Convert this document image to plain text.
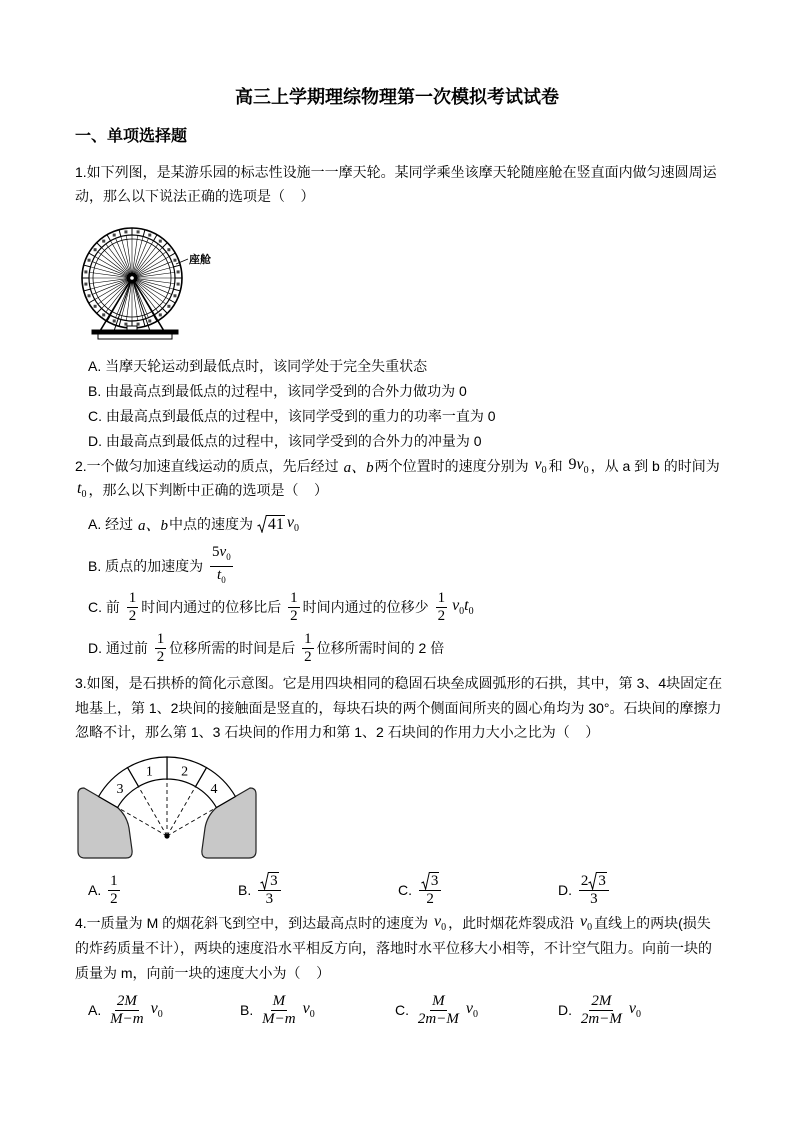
高三上学期理综物理第一次模拟考试试卷
一、单项选择题
1.如下列图，是某游乐园的标志性设施一一摩天轮。某同学乘坐该摩天轮随座舱在竖直面内做匀速圆周运
动，那么以下说法正确的选项是（    ）
座舱
A. 当摩天轮运动到最低点时，该同学处于完全失重状态
B. 由最高点到最低点的过程中，该同学受到的合外力做功为 0
C. 由最高点到最低点的过程中，该同学受到的重力的功率一直为 0
D. 由最高点到最低点的过程中，该同学受到的合外力的冲量为 0
2.一个做匀加速直线运动的质点，先后经过 a、b 两个位置时的速度分别为 $v_0$ 和 $9v_0$ ，从 a 到 b 的时间为
$t_0$ ，那么以下判断中正确的选项是（    ）
A. 经过 a、b 中点的速度为 41 $v_0$
B. 质点的加速度为 $\frac{5v_0}{t_0}$
C. 前 $\frac{1}{2}$ 时间内通过的位移比后 $\frac{1}{2}$ 时间内通过的位移少 $\frac{1}{2} v_0t_0$
D. 通过前 $\frac{1}{2}$ 位移所需的时间是后 $\frac{1}{2}$ 位移所需时间的 2 倍
3.如图，是石拱桥的简化示意图。它是用四块相同的稳固石块垒成圆弧形的石拱，其中，第 3、4块固定在
地基上，第 1、2块间的接触面是竖直的，每块石块的两个侧面间所夹的圆心角均为 30°。石块间的摩擦力
忽略不计，那么第 1、3 石块间的作用力和第 1、2 石块间的作用力大小之比为（    ）
1 2
3	4
A. $\frac{1}{2}$	B. $\frac{3}{3}$	C. $\frac{3}{2}$	D. $\frac{2 3}{3}$
4.一质量为 M 的烟花斜飞到空中，到达最高点时的速度为 $v_0$ ，此时烟花炸裂成沿 $v_0$ 直线上的两块(损失
的炸药质量不计），两块的速度沿水平相反方向，落地时水平位移大小相等，不计空气阻力。向前一块的
质量为 m，向前一块的速度大小为（    ）
A. $\frac{2M}{M-m} v_0$	B. $\frac{M}{M-m} v_0$	C. $\frac{M}{2m-M} v_0$	D. $\frac{2M}{2m-M} v_0$
